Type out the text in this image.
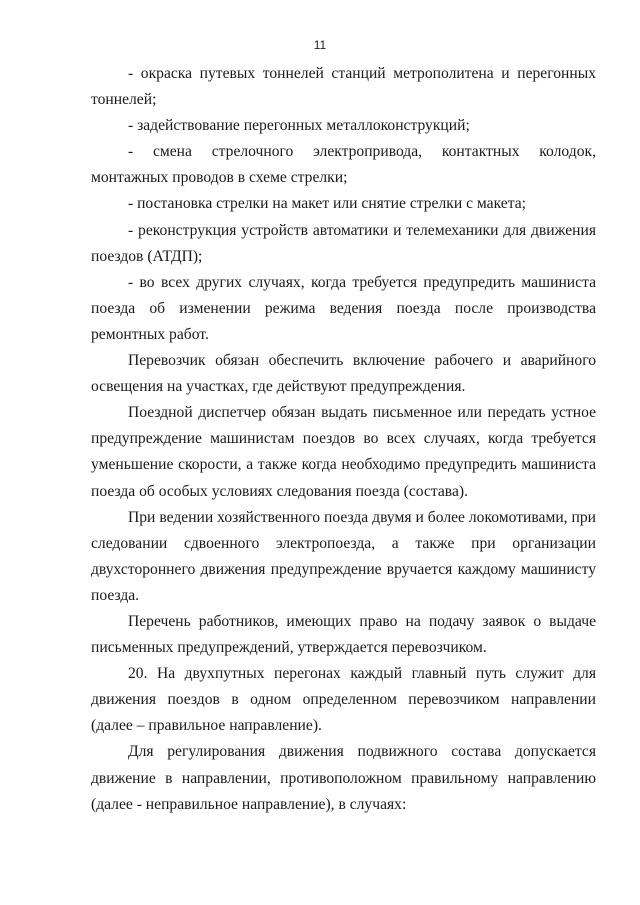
11

- окраска путевых тоннелей станций метрополитена и перегонных тоннелей;

- задействование перегонных металлоконструкций;

- смена стрелочного электропривода, контактных колодок, монтажных проводов в схеме стрелки;

- постановка стрелки на макет или снятие стрелки с макета;

- реконструкция устройств автоматики и телемеханики для движения поездов (АТДП);

- во всех других случаях, когда требуется предупредить машиниста поезда об изменении режима ведения поезда после производства ремонтных работ.

Перевозчик обязан обеспечить включение рабочего и аварийного освещения на участках, где действуют предупреждения.

Поездной диспетчер обязан выдать письменное или передать устное предупреждение машинистам поездов во всех случаях, когда требуется уменьшение скорости, а также когда необходимо предупредить машиниста поезда об особых условиях следования поезда (состава).

При ведении хозяйственного поезда двумя и более локомотивами, при следовании сдвоенного электропоезда, а также при организации двухстороннего движения предупреждение вручается каждому машинисту поезда.

Перечень работников, имеющих право на подачу заявок о выдаче письменных предупреждений, утверждается перевозчиком.

20. На двухпутных перегонах каждый главный путь служит для движения поездов в одном определенном перевозчиком направлении (далее – правильное направление).

Для регулирования движения подвижного состава допускается движение в направлении, противоположном правильному направлению (далее - неправильное направление), в случаях:
